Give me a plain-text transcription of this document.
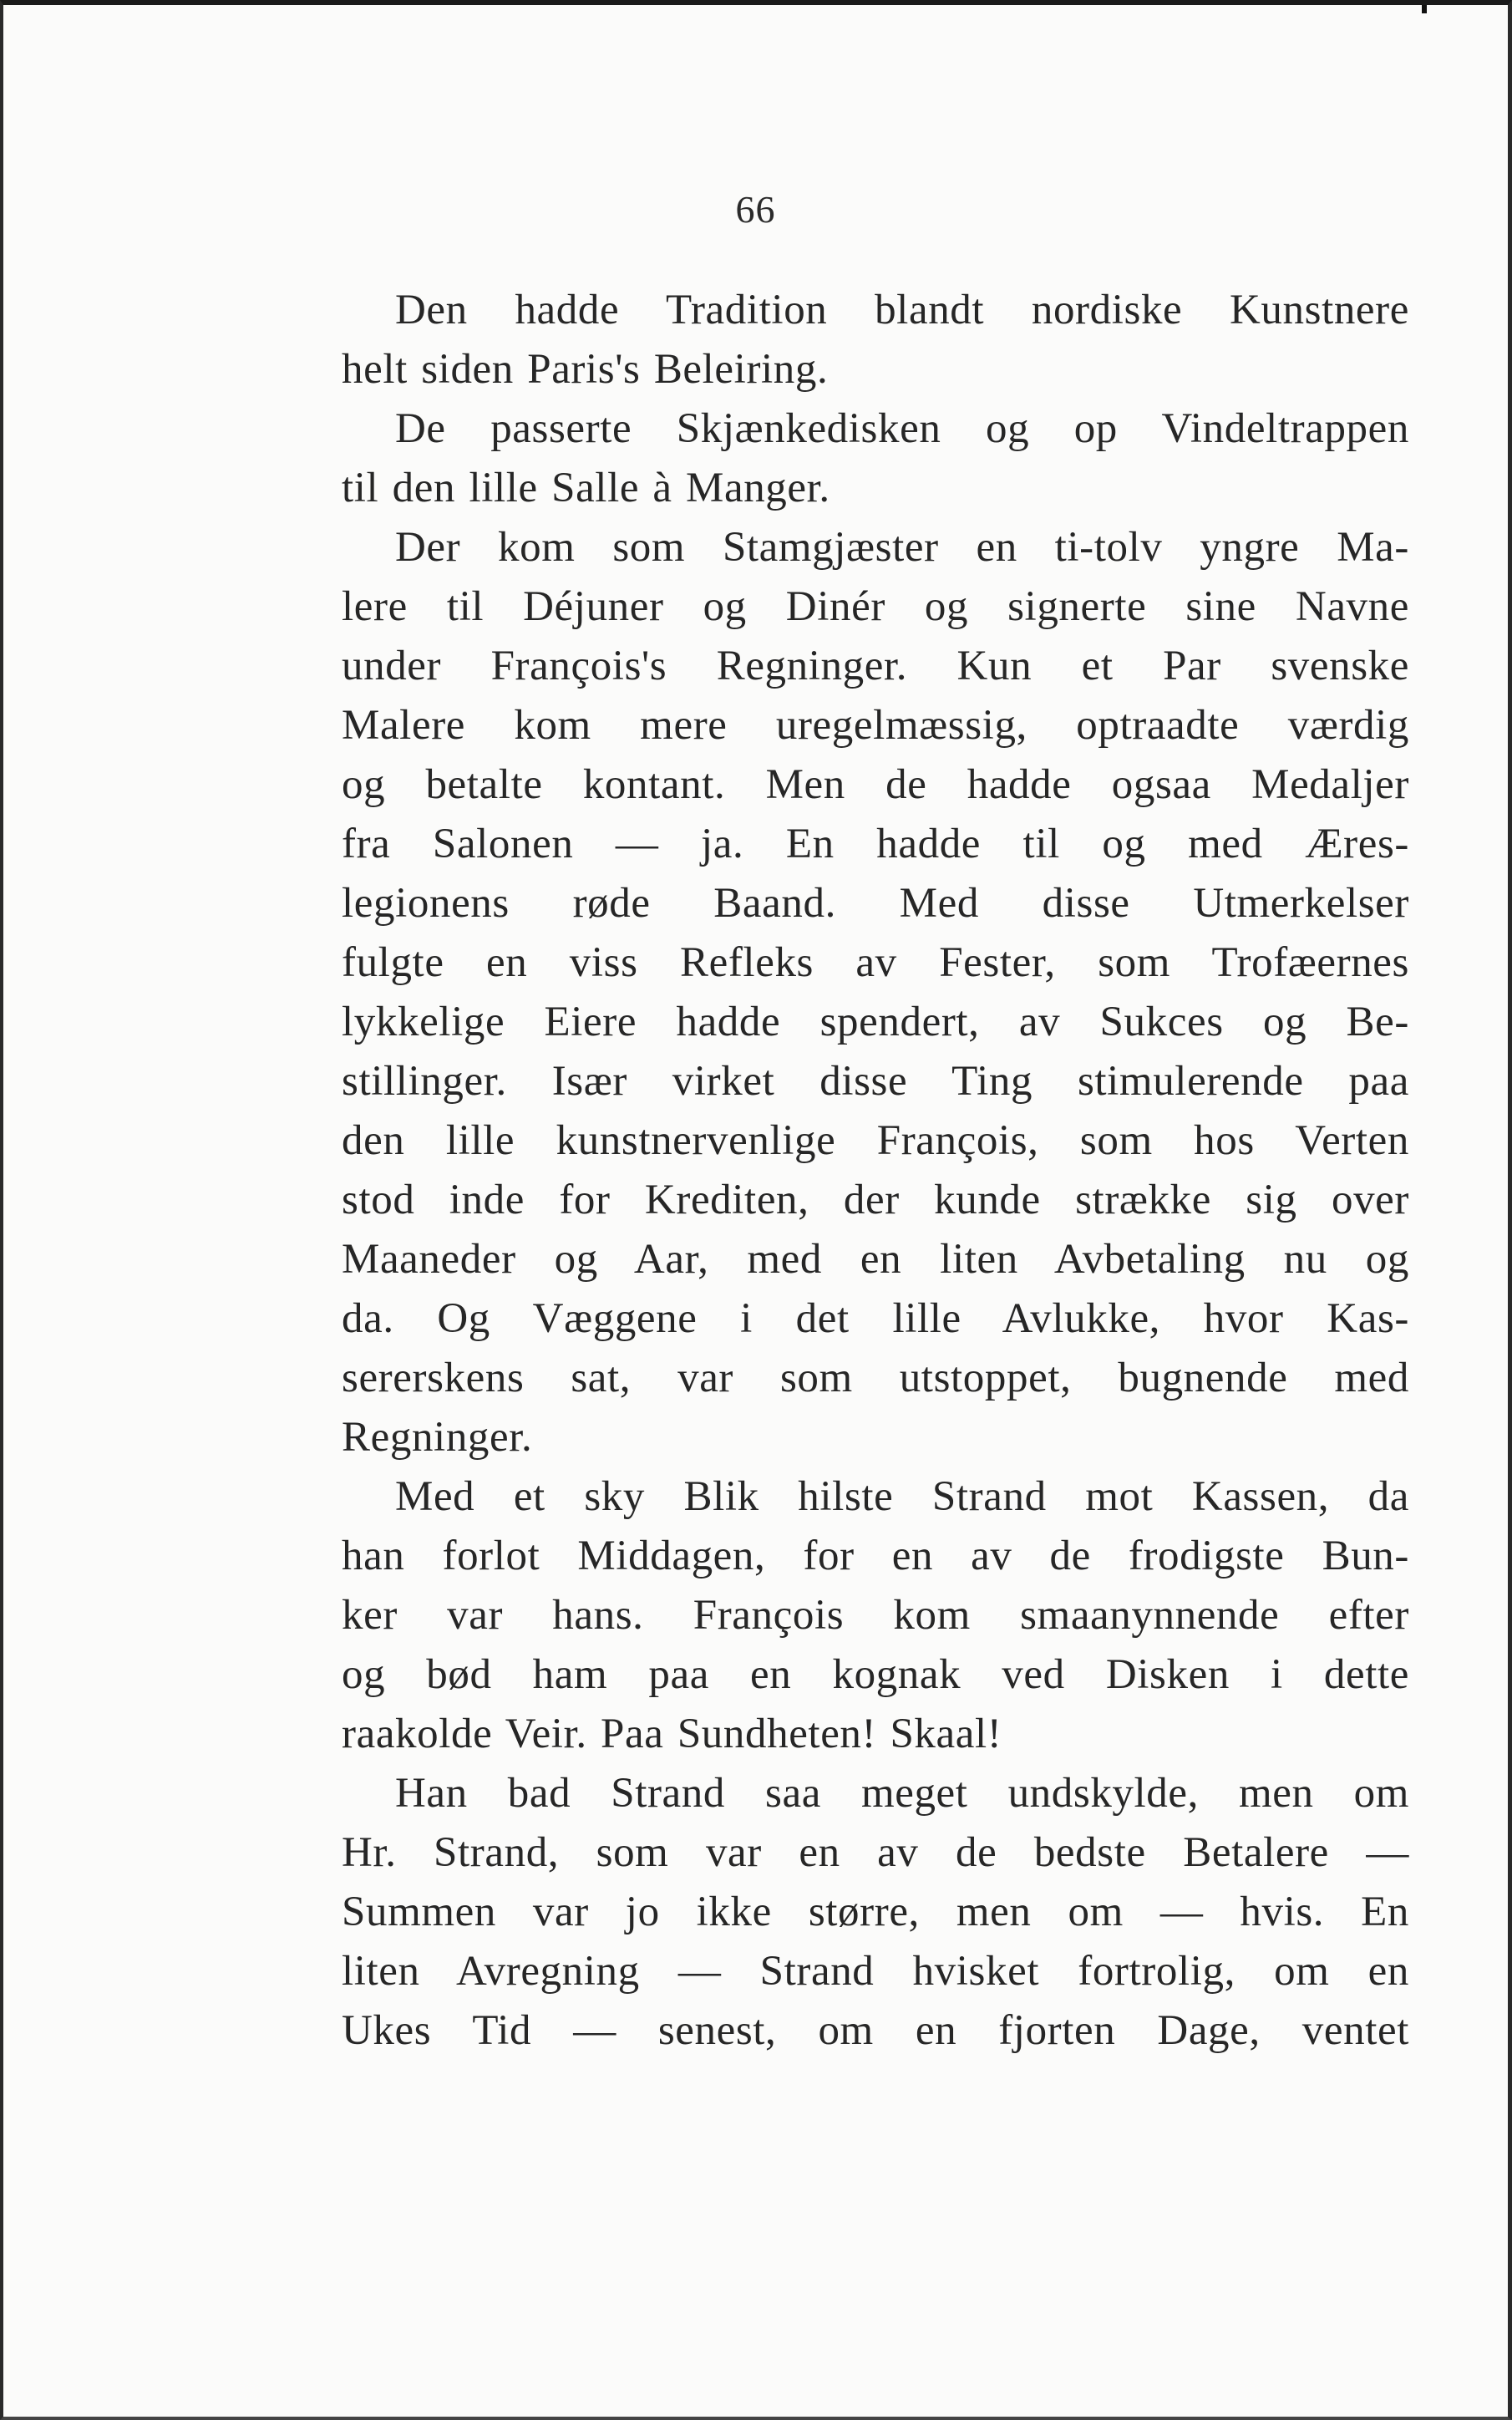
66
Den hadde Tradition blandt nordiske Kunstnere
helt siden Paris's Beleiring.
De passerte Skjænkedisken og op Vindeltrappen
til den lille Salle à Manger.
Der kom som Stamgjæster en ti-tolv yngre Ma-
lere til Déjuner og Dinér og signerte sine Navne
under François's Regninger. Kun et Par svenske
Malere kom mere uregelmæssig, optraadte værdig
og betalte kontant. Men de hadde ogsaa Medaljer
fra Salonen — ja. En hadde til og med Æres-
legionens røde Baand. Med disse Utmerkelser
fulgte en viss Refleks av Fester, som Trofæernes
lykkelige Eiere hadde spendert, av Sukces og Be-
stillinger. Især virket disse Ting stimulerende paa
den lille kunstnervenlige François, som hos Verten
stod inde for Krediten, der kunde strække sig over
Maaneder og Aar, med en liten Avbetaling nu og
da. Og Væggene i det lille Avlukke, hvor Kas-
sererskens sat, var som utstoppet, bugnende med
Regninger.
Med et sky Blik hilste Strand mot Kassen, da
han forlot Middagen, for en av de frodigste Bun-
ker var hans. François kom smaanynnende efter
og bød ham paa en kognak ved Disken i dette
raakolde Veir. Paa Sundheten! Skaal!
Han bad Strand saa meget undskylde, men om
Hr. Strand, som var en av de bedste Betalere —
Summen var jo ikke større, men om — hvis. En
liten Avregning — Strand hvisket fortrolig, om en
Ukes Tid — senest, om en fjorten Dage, ventet
